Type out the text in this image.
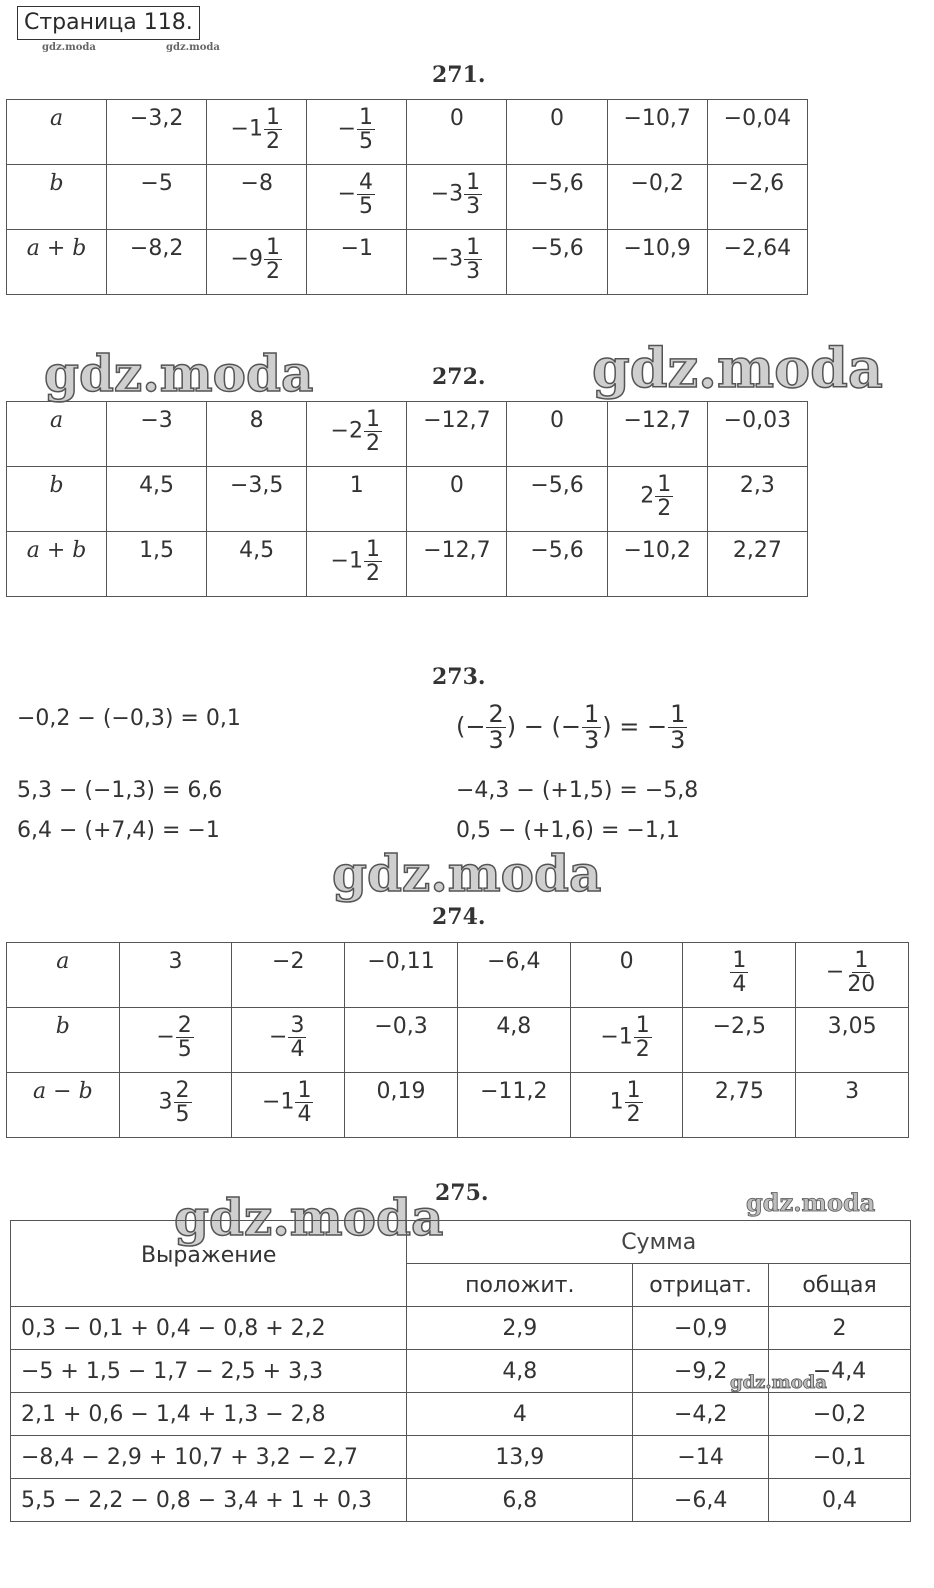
Страница 118.
gdz.moda	gdz.moda
271.
a	−3,2	$-1 \frac{1}{2}$	− $\frac{1}{5}$	0	0	−10,7	−0,04
b	−5	−8	− $\frac{4}{5}$	$-3 \frac{1}{3}$	−5,6	−0,2	−2,6
a + b	−8,2	$-9 \frac{1}{2}$	−1	$-3 \frac{1}{3}$	−5,6	−10,9	−2,64
gdz.moda	gdz.moda
272.
a	−3	8	$-2 \frac{1}{2}$	−12,7	0	−12,7	−0,03
b	4,5	−3,5	1	0	−5,6	$2 \frac{1}{2}$	2,3
a + b	1,5	4,5	$-1 \frac{1}{2}$	−12,7	−5,6	−10,2	2,27
273.
−0,2 − (−0,3) = 0,1
5,3 − (−1,3) = 6,6
6,4 − (+7,4) = −1
(− $\frac{2}{3}$ ) − (− $\frac{1}{3}$ ) = − $\frac{1}{3}$
−4,3 − (+1,5) = −5,8
0,5 − (+1,6) = −1,1
gdz.moda
274.
a	3	−2	−0,11	−6,4	0	$\frac{1}{4}$	− $\frac{1}{20}$

b	− $\frac{2}{5}$	− $\frac{3}{4}$	−0,3	4,8	$-1 \frac{1}{2}$	−2,5	3,05
a − b	$3 \frac{2}{5}$	$-1 \frac{1}{4}$	0,19	−11,2	$1 \frac{1}{2}$	2,75	3
gdz.moda
275.	gdz.moda
Выражение	Сумма		
	положит.	отрицат.	общая
0,3 − 0,1 + 0,4 − 0,8 + 2,2	2,9	−0,9	2
−5 + 1,5 − 1,7 − 2,5 + 3,3	4,8	−9,2	−4,4
2,1 + 0,6 − 1,4 + 1,3 − 2,8	4	−4,2	−0,2
−8,4 − 2,9 + 10,7 + 3,2 − 2,7	13,9	−14	−0,1
5,5 − 2,2 − 0,8 − 3,4 + 1 + 0,3	6,8	−6,4	0,4
gdz.moda
